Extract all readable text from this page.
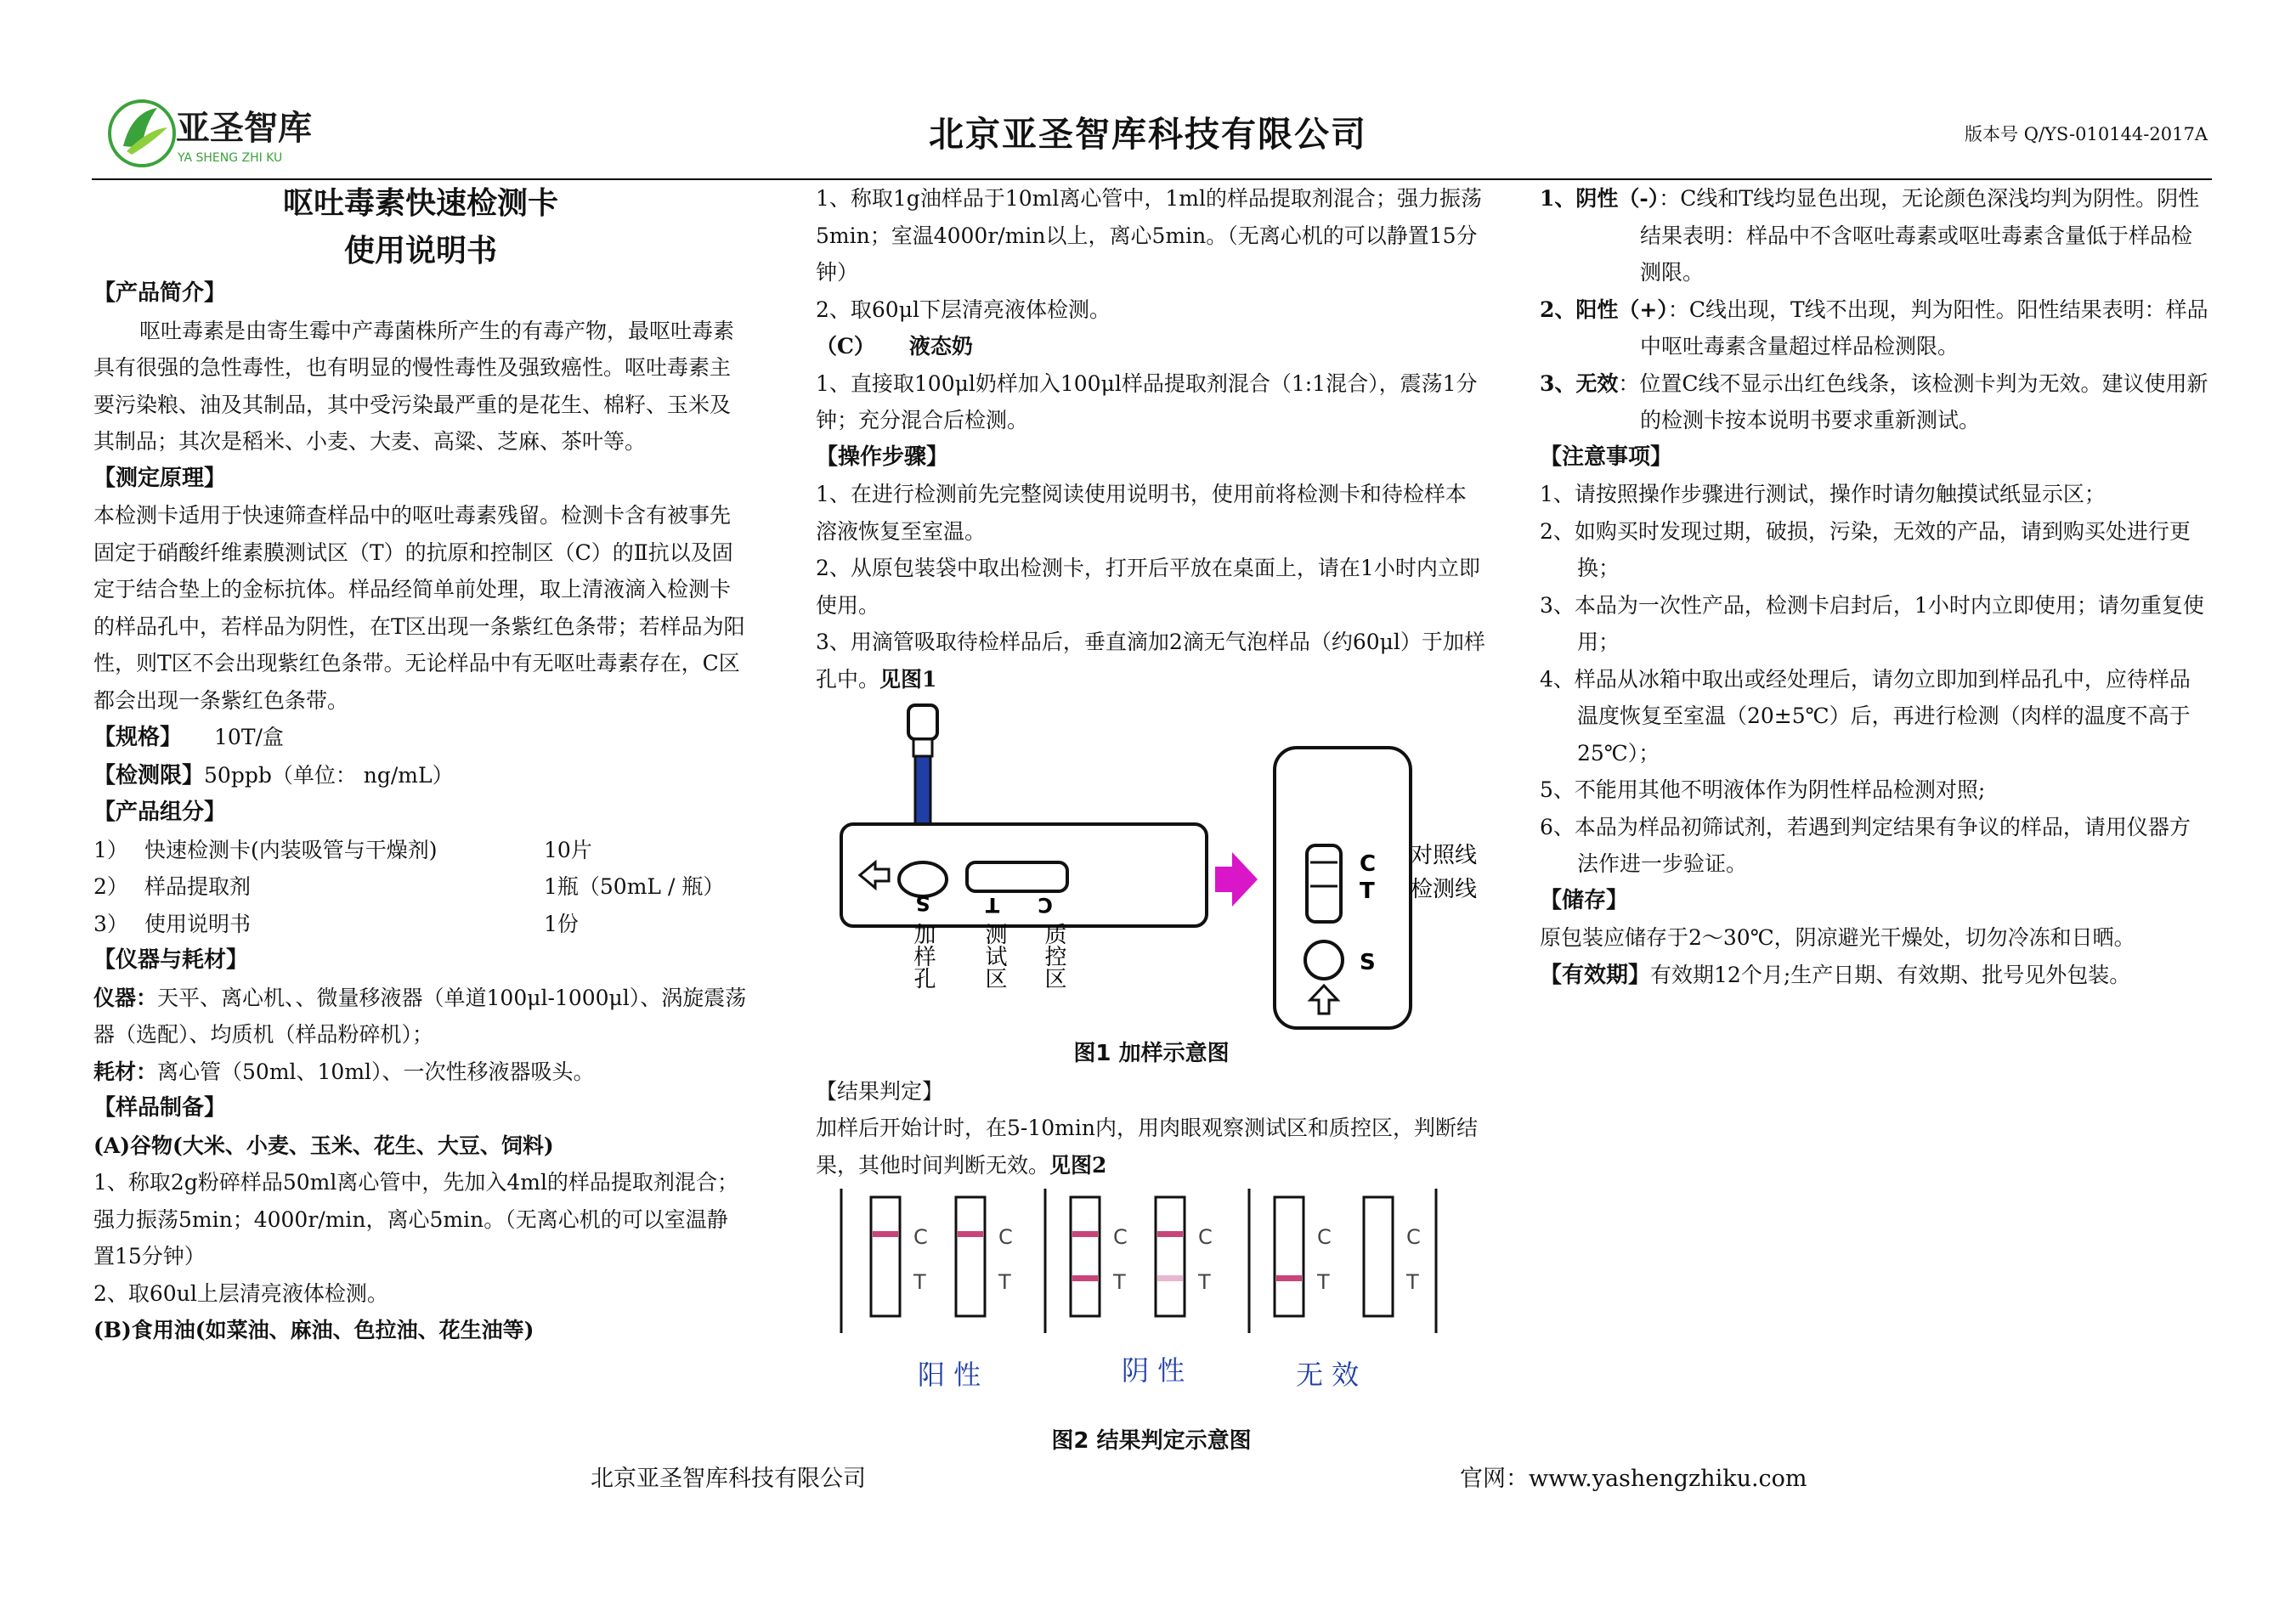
亚圣智库
YA SHENG ZHI KU
北京亚圣智库科技有限公司	版本号 Q/YS-010144-2017A

呕吐毒素快速检测卡

使用说明书

【产品简介】

呕吐毒素是由寄生霉中产毒菌株所产生的有毒产物，最呕吐毒素具有很强的急性毒性，也有明显的慢性毒性及强致癌性。呕吐毒素主要污染粮、油及其制品，其中受污染最严重的是花生、棉籽、玉米及其制品；其次是稻米、小麦、大麦、高粱、芝麻、茶叶等。

【测定原理】

本检测卡适用于快速筛查样品中的呕吐毒素残留。检测卡含有被事先固定于硝酸纤维素膜测试区（T）的抗原和控制区（C）的Ⅱ抗以及固定于结合垫上的金标抗体。样品经简单前处理，取上清液滴入检测卡的样品孔中，若样品为阴性，在T区出现一条紫红色条带；若样品为阳性，则T区不会出现紫红色条带。无论样品中有无呕吐毒素存在，C区都会出现一条紫红色条带。

【规格】 10T/盒

【检测限】50ppb（单位： ng/mL）

【产品组分】

1） 快速检测卡(内装吸管与干燥剂)	10片
2） 样品提取剂	1瓶（50mL / 瓶）
3） 使用说明书	1份

【仪器与耗材】

仪器：天平、离心机、、微量移液器（单道100μl-1000μl）、涡旋震荡器（选配）、均质机（样品粉碎机）；

耗材：离心管（50ml、10ml）、一次性移液器吸头。

【样品制备】

(A)谷物(大米、小麦、玉米、花生、大豆、饲料)

1、称取2g粉碎样品50ml离心管中，先加入4ml的样品提取剂混合；强力振荡5min；4000r/min，离心5min。（无离心机的可以室温静置15分钟）

2、取60ul上层清亮液体检测。

(B)食用油(如菜油、麻油、色拉油、花生油等)

1、称取1g油样品于10ml离心管中，1ml的样品提取剂混合；强力振荡5min；室温4000r/min以上，离心5min。（无离心机的可以静置15分钟）

2、取60μl下层清亮液体检测。

（C） 液态奶

1、直接取100μl奶样加入100μl样品提取剂混合（1:1混合），震荡1分钟；充分混合后检测。

【操作步骤】

1、在进行检测前先完整阅读使用说明书，使用前将检测卡和待检样本溶液恢复至室温。

2、从原包装袋中取出检测卡，打开后平放在桌面上，请在1小时内立即使用。

3、用滴管吸取待检样品后，垂直滴加2滴无气泡样品（约60μl）于加样孔中。见图1

S	T C
加样孔 测试区 质控区
C
T
S
对照线
检测线

图1 加样示意图

【结果判定】

加样后开始计时，在5-10min内，用肉眼观察测试区和质控区，判断结果，其他时间判断无效。见图2

C
T
C
T
C
T
C
T
C
T
C
T
阳 性	阴 性	无 效

图2 结果判定示意图

1、阴性（-）：C线和T线均显色出现，无论颜色深浅均判为阴性。阴性结果表明：样品中不含呕吐毒素或呕吐毒素含量低于样品检测限。

2、阳性（+）：C线出现，T线不出现，判为阳性。阳性结果表明：样品中呕吐毒素含量超过样品检测限。

3、无效：位置C线不显示出红色线条，该检测卡判为无效。建议使用新的检测卡按本说明书要求重新测试。

【注意事项】

1、请按照操作步骤进行测试，操作时请勿触摸试纸显示区；

2、如购买时发现过期，破损，污染，无效的产品，请到购买处进行更换；

3、本品为一次性产品，检测卡启封后，1小时内立即使用；请勿重复使用；

4、样品从冰箱中取出或经处理后，请勿立即加到样品孔中，应待样品温度恢复至室温（20±5℃）后，再进行检测（肉样的温度不高于25℃）；

5、不能用其他不明液体作为阴性样品检测对照;

6、本品为样品初筛试剂，若遇到判定结果有争议的样品，请用仪器方法作进一步验证。

【储存】

原包装应储存于2～30℃，阴凉避光干燥处，切勿冷冻和日晒。

【有效期】有效期12个月;生产日期、有效期、批号见外包装。

北京亚圣智库科技有限公司	官网：www.yashengzhiku.com
